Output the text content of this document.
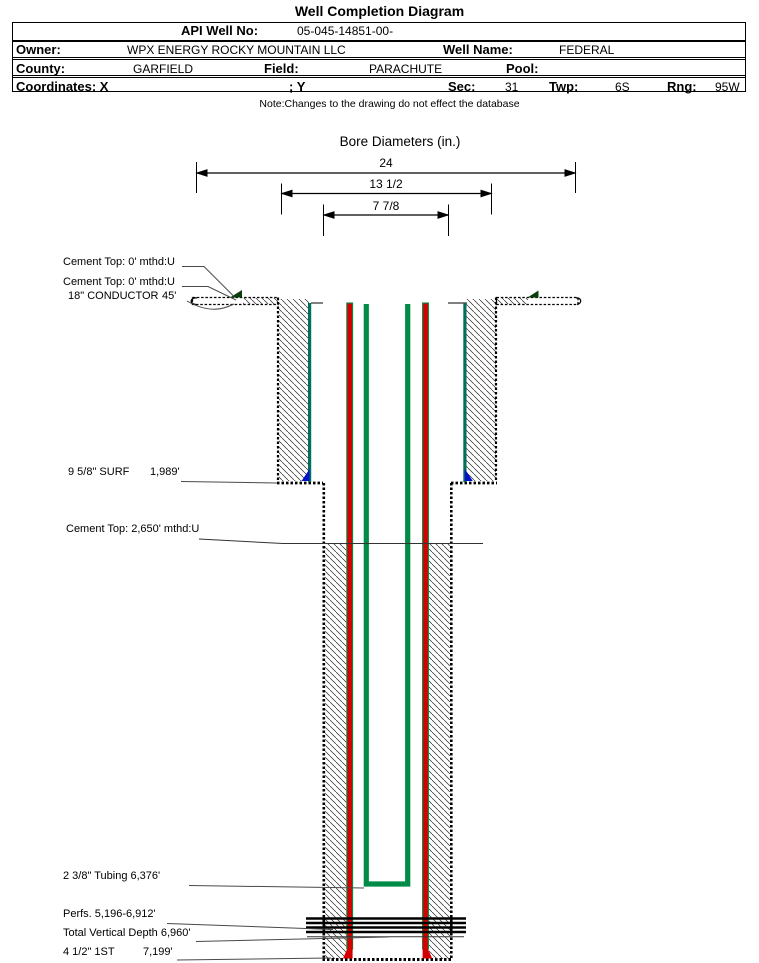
Well Completion Diagram
API Well No:	05-045-14851-00-
Owner:	WPX ENERGY ROCKY MOUNTAIN LLC	Well Name:	FEDERAL
County:	GARFIELD	Field:	PARACHUTE	Pool:
Coordinates: X	; Y	Sec: 31 Twp:	6S	Rng: 95W
Note:Changes to the drawing do not effect the database
Bore Diameters (in.)
24
13 1/2
7 7/8
Cement Top: 0' mthd:U
Cement Top: 0' mthd:U
18" CONDUCTOR 45'
9 5/8" SURF 1,989'
Cement Top: 2,650' mthd:U
2 3/8" Tubing 6,376'
Perfs. 5,196-6,912'
Total Vertical Depth 6,960'
4 1/2" 1ST	7,199'
